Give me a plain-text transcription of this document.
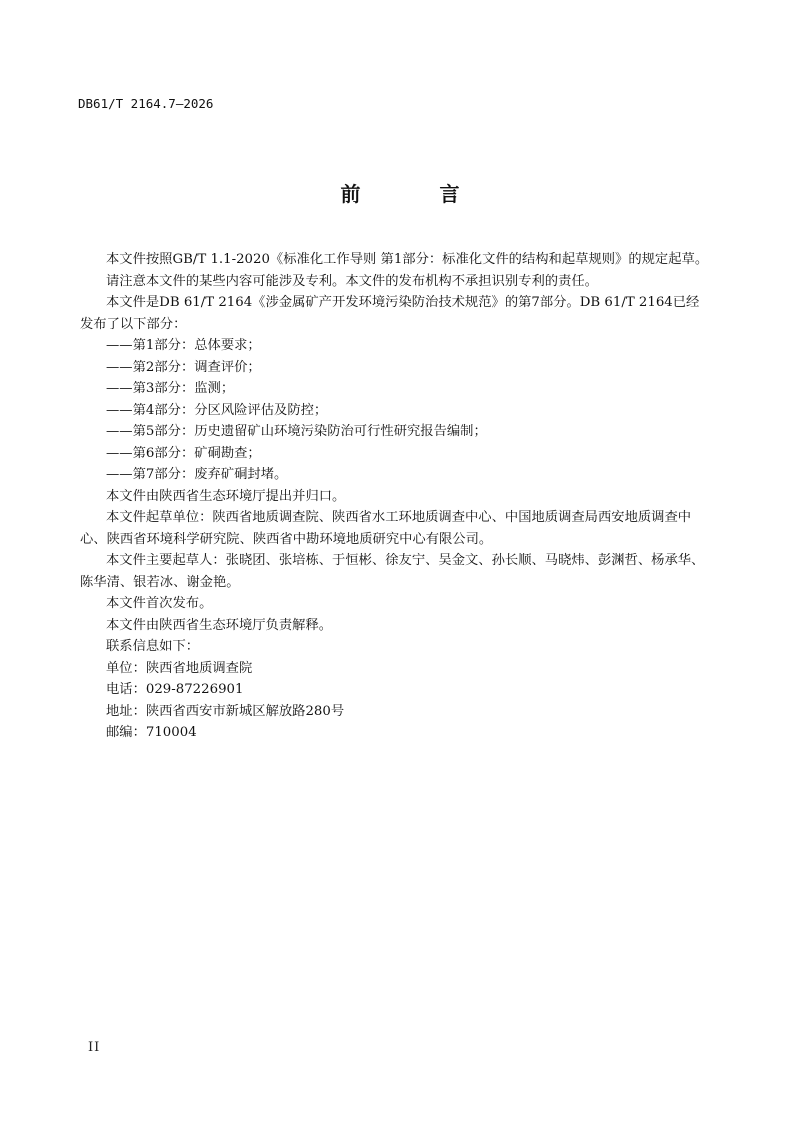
DB61/T 2164.7—2026
前 言

本文件按照GB/T 1.1-2020《标准化工作导则 第1部分：标准化文件的结构和起草规则》的规定起草。

请注意本文件的某些内容可能涉及专利。本文件的发布机构不承担识别专利的责任。

本文件是DB 61/T 2164《涉金属矿产开发环境污染防治技术规范》的第7部分。DB 61/T 2164已经发布了以下部分：

——第1部分：总体要求；

——第2部分：调查评价；

——第3部分：监测；

——第4部分：分区风险评估及防控；

——第5部分：历史遗留矿山环境污染防治可行性研究报告编制；

——第6部分：矿硐勘查；

——第7部分：废弃矿硐封堵。

本文件由陕西省生态环境厅提出并归口。

本文件起草单位：陕西省地质调查院、陕西省水工环地质调查中心、中国地质调查局西安地质调查中心、陕西省环境科学研究院、陕西省中勘环境地质研究中心有限公司。

本文件主要起草人：张晓团、张培栋、于恒彬、徐友宁、吴金文、孙长顺、马晓炜、彭渊哲、杨承华、陈华清、银若冰、谢金艳。

本文件首次发布。

本文件由陕西省生态环境厅负责解释。

联系信息如下：

单位：陕西省地质调查院

电话：029-87226901

地址：陕西省西安市新城区解放路280号

邮编：710004

II
